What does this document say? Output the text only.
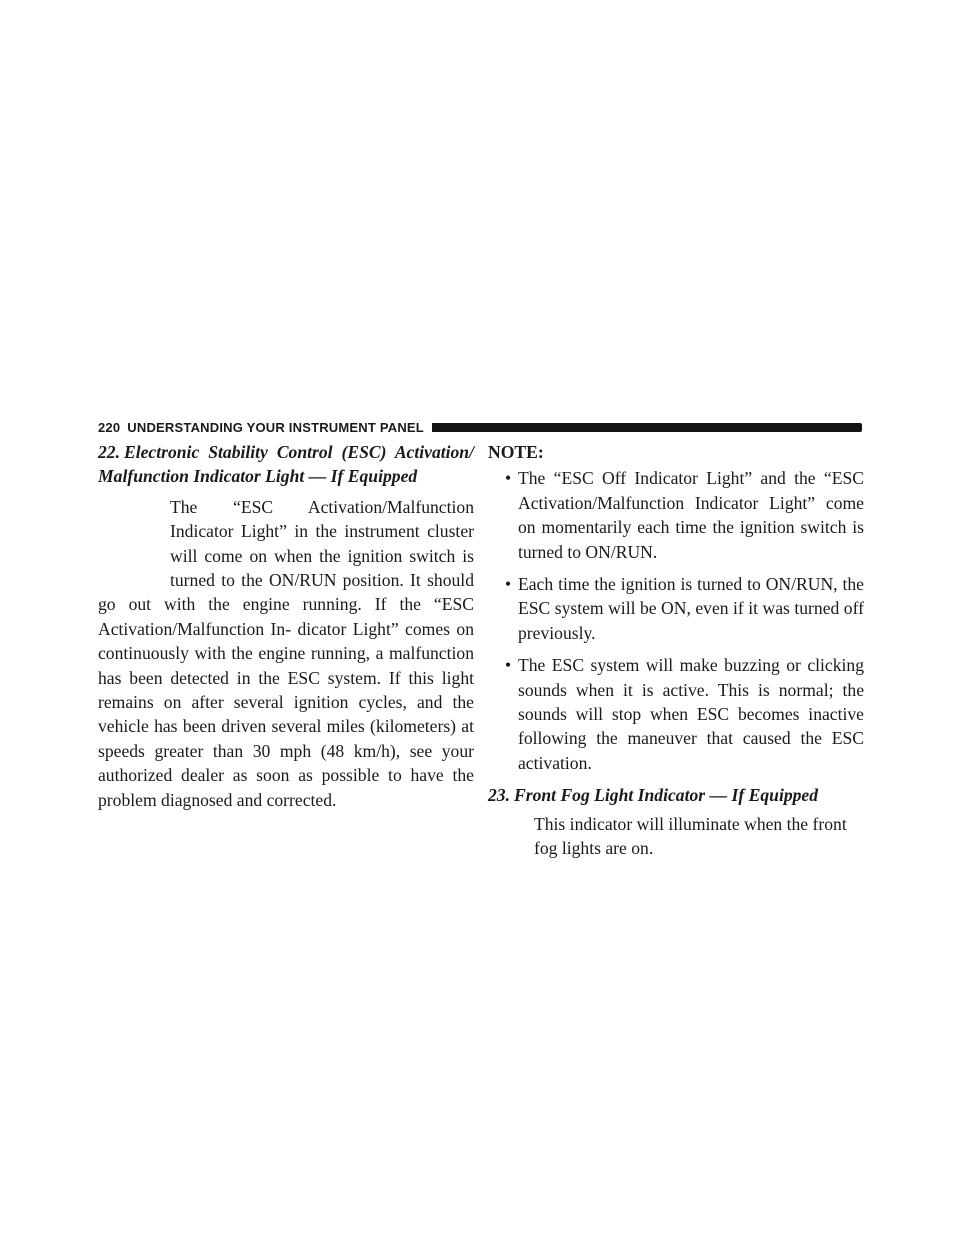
220 UNDERSTANDING YOUR INSTRUMENT PANEL

22. Electronic Stability Control (ESC) Activation/ Malfunction Indicator Light — If Equipped

The “ESC Activation/Malfunction Indicator Light” in the instrument cluster will come on when the ignition switch is turned to the ON/RUN position. It should go out with the engine running. If the “ESC Activation/Malfunction In- dicator Light” comes on continuously with the engine running, a malfunction has been detected in the ESC system. If this light remains on after several ignition cycles, and the vehicle has been driven several miles (kilometers) at speeds greater than 30 mph (48 km/h), see your authorized dealer as soon as possible to have the problem diagnosed and corrected.

NOTE:

• The “ESC Off Indicator Light” and the “ESC Activation/Malfunction Indicator Light” come on momentarily each time the ignition switch is turned to ON/RUN.
• Each time the ignition is turned to ON/RUN, the ESC system will be ON, even if it was turned off previously.
• The ESC system will make buzzing or clicking sounds when it is active. This is normal; the sounds will stop when ESC becomes inactive following the maneuver that caused the ESC activation.

23. Front Fog Light Indicator — If Equipped

This indicator will illuminate when the front fog lights are on.
